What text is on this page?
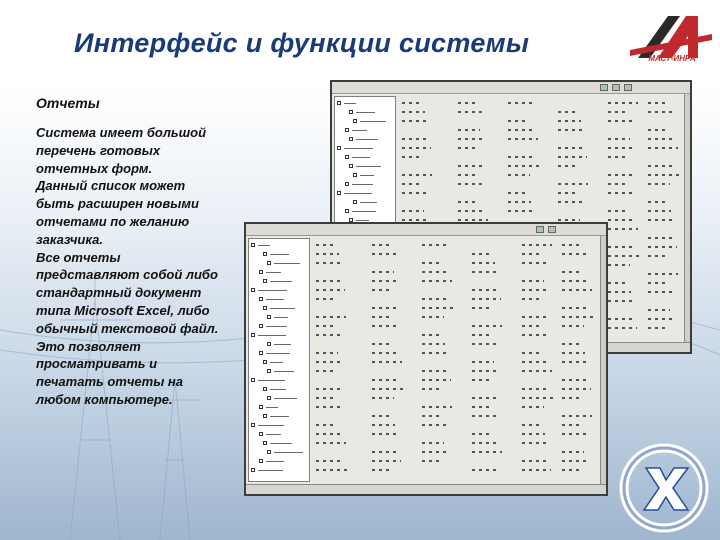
Интерфейс и функции системы
МАСТ-ИНРА
Отчеты

Система имеет большой перечень готовых отчетных форм.

Данный список может быть расширен новыми отчетами по желанию заказчика.

Все отчеты представляют собой либо стандартный документ типа Microsoft Excel, либо обычный текстовой файл.

Это позволяет просматривать и печатать отчеты на любом компьютере.
